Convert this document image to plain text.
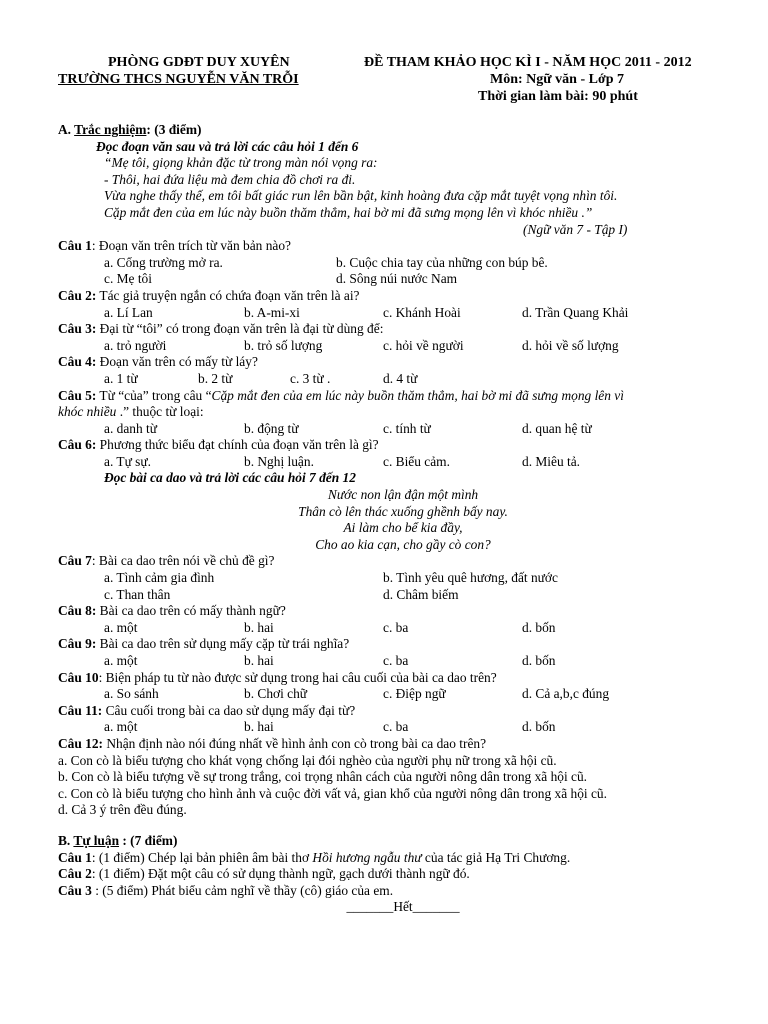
PHÒNG GDĐT DUY XUYÊN	ĐỀ THAM KHẢO HỌC KÌ I - NĂM HỌC 2011 - 2012
TRƯỜNG THCS NGUYỄN VĂN TRỖI	Môn: Ngữ văn - Lớp 7
Thời gian làm bài: 90 phút
A. Trắc nghiệm: (3 điểm)
Đọc đoạn văn sau và trả lời các câu hỏi 1 đến 6
“Mẹ tôi, giọng khản đặc từ trong màn nói vọng ra:
- Thôi, hai đứa liệu mà đem chia đồ chơi ra đi.
Vừa nghe thấy thế, em tôi bất giác run lên bần bật, kinh hoàng đưa cặp mắt tuyệt vọng nhìn tôi.
Cặp mắt đen của em lúc này buồn thăm thẳm, hai bờ mi đã sưng mọng lên vì khóc nhiều .”
(Ngữ văn 7 - Tập I)
Câu 1: Đoạn văn trên trích từ văn bản nào?
a. Cổng trường mở ra.	b. Cuộc chia tay của những con búp bê.
c. Mẹ tôi	d. Sông núi nước Nam
Câu 2: Tác giả truyện ngắn có chứa đoạn văn trên là ai?
a. Lí Lan	b. A-mi-xi	c. Khánh Hoài	d. Trần Quang Khải
Câu 3: Đại từ “tôi” có trong đoạn văn trên là đại từ dùng để:
a. trỏ người	b. trỏ số lượng	c. hỏi về người	d. hỏi về số lượng
Câu 4: Đoạn văn trên có mấy từ láy?
a. 1 từ	b. 2 từ	c. 3 từ .	d. 4 từ
Câu 5: Từ “của” trong câu “Cặp mắt đen của em lúc này buồn thăm thẳm, hai bờ mi đã sưng mọng lên vì
khóc nhiều .” thuộc từ loại:
a. danh từ	b. động từ	c. tính từ	d. quan hệ từ
Câu 6: Phương thức biểu đạt chính của đoạn văn trên là gì?
a. Tự sự.	b. Nghị luận.	c. Biểu cảm.	d. Miêu tả.
Đọc bài ca dao và trả lời các câu hỏi 7 đến 12
Nước non lận đận một mình
Thân cò lên thác xuống ghềnh bấy nay.
Ai làm cho bể kia đầy,
Cho ao kia cạn, cho gầy cò con?
Câu 7: Bài ca dao trên nói về chủ đề gì?
a. Tình cảm gia đình	b. Tình yêu quê hương, đất nước
c. Than thân	d. Châm biếm
Câu 8: Bài ca dao trên có mấy thành ngữ?
a. một	b. hai	c. ba	d. bốn
Câu 9: Bài ca dao trên sử dụng mấy cặp từ trái nghĩa?
a. một	b. hai	c. ba	d. bốn
Câu 10: Biện pháp tu từ nào được sử dụng trong hai câu cuối của bài ca dao trên?
a. So sánh	b. Chơi chữ	c. Điệp ngữ	d. Cả a,b,c đúng
Câu 11: Câu cuối trong bài ca dao sử dụng mấy đại từ?
a. một	b. hai	c. ba	d. bốn
Câu 12: Nhận định nào nói đúng nhất về hình ảnh con cò trong bài ca dao trên?
a. Con cò là biểu tượng cho khát vọng chống lại đói nghèo của người phụ nữ trong xã hội cũ.
b. Con cò là biểu tượng về sự trong trắng, coi trọng nhân cách của người nông dân trong xã hội cũ.
c. Con cò là biểu tượng cho hình ảnh và cuộc đời vất vả, gian khổ của người nông dân trong xã hội cũ.
d. Cả 3 ý trên đều đúng.
B. Tự luận : (7 điểm)
Câu 1: (1 điểm) Chép lại bản phiên âm bài thơ Hồi hương ngẫu thư của tác giả Hạ Tri Chương.
Câu 2: (1 điểm) Đặt một câu có sử dụng thành ngữ, gạch dưới thành ngữ đó.
Câu 3 : (5 điểm) Phát biểu cảm nghĩ về thầy (cô) giáo của em.
_______Hết_______
